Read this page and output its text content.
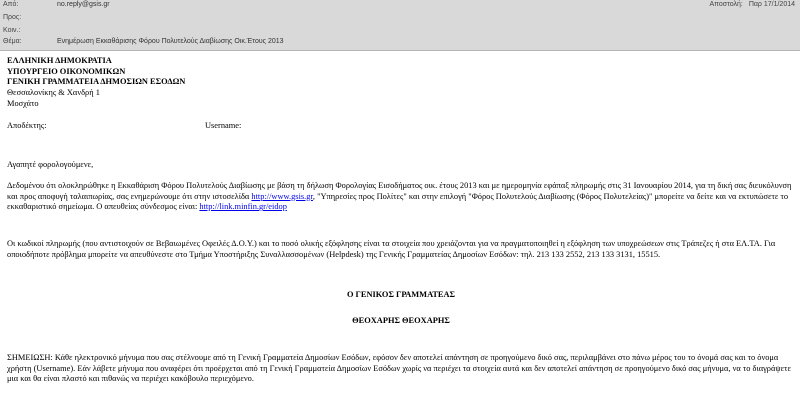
Από:	no.reply@gsis.gr	Αποστολή: Παρ 17/1/2014
Προς:
Κοιν.:
Θέμα:	Ενημέρωση Εκκαθάρισης Φόρου Πολυτελούς Διαβίωσης Οικ.Έτους 2013
ΕΛΛΗΝΙΚΗ ΔΗΜΟΚΡΑΤΙΑ
ΥΠΟΥΡΓΕΙΟ ΟΙΚΟΝΟΜΙΚΩΝ
ΓΕΝΙΚΗ ΓΡΑΜΜΑΤΕΙΑ ΔΗΜΟΣΙΩΝ ΕΣΟΔΩΝ
Θεσσαλονίκης & Χανδρή 1
Μοσχάτο
Αποδέκτης:	Username:
Αγαπητέ φορολογούμενε,
Δεδομένου ότι ολοκληρώθηκε η Εκκαθάριση Φόρου Πολυτελούς Διαβίωσης με βάση τη δήλωση Φορολογίας Εισοδήματος οικ. έτους 2013 και με ημερομηνία εφάπαξ πληρωμής στις 31 Ιανουαρίου 2014, για τη δική σας διευκόλυνση και προς αποφυγή ταλαιπωρίας, σας ενημερώνουμε ότι στην ιστοσελίδα http://www.gsis.gr, "Υπηρεσίες προς Πολίτες" και στην επιλογή "Φόρος Πολυτελούς Διαβίωσης (Φόρος Πολυτελείας)" μπορείτε να δείτε και να εκτυπώσετε το εκκαθαριστικό σημείωμα. Ο απευθείας σύνδεσμος είναι: http://link.minfin.gr/eidop
Οι κωδικοί πληρωμής (που αντιστοιχούν σε Βεβαιωμένες Οφειλές Δ.Ο.Υ.) και το ποσό ολικής εξόφλησης είναι τα στοιχεία που χρειάζονται για να πραγματοποιηθεί η εξόφληση των υποχρεώσεων στις Τράπεζες ή στα ΕΛ.ΤΑ. Για οποιοδήποτε πρόβλημα μπορείτε να απευθύνεστε στο Τμήμα Υποστήριξης Συναλλασσομένων (Helpdesk) της Γενικής Γραμματείας Δημοσίων Εσόδων: τηλ. 213 133 2552, 213 133 3131, 15515.
Ο ΓΕΝΙΚΟΣ ΓΡΑΜΜΑΤΕΑΣ
ΘΕΟΧΑΡΗΣ ΘΕΟΧΑΡΗΣ
ΣΗΜΕΙΩΣΗ: Κάθε ηλεκτρονικό μήνυμα που σας στέλνουμε από τη Γενική Γραμματεία Δημοσίων Εσόδων, εφόσον δεν αποτελεί απάντηση σε προηγούμενο δικό σας, περιλαμβάνει στο πάνω μέρος του το όνομά σας και το όνομα χρήστη (Username). Εάν λάβετε μήνυμα που αναφέρει ότι προέρχεται από τη Γενική Γραμματεία Δημοσίων Εσόδων χωρίς να περιέχει τα στοιχεία αυτά και δεν αποτελεί απάντηση σε προηγούμενο δικό σας μήνυμα, να το διαγράψετε μια και θα είναι πλαστό και πιθανώς να περιέχει κακόβουλο περιεχόμενο.
